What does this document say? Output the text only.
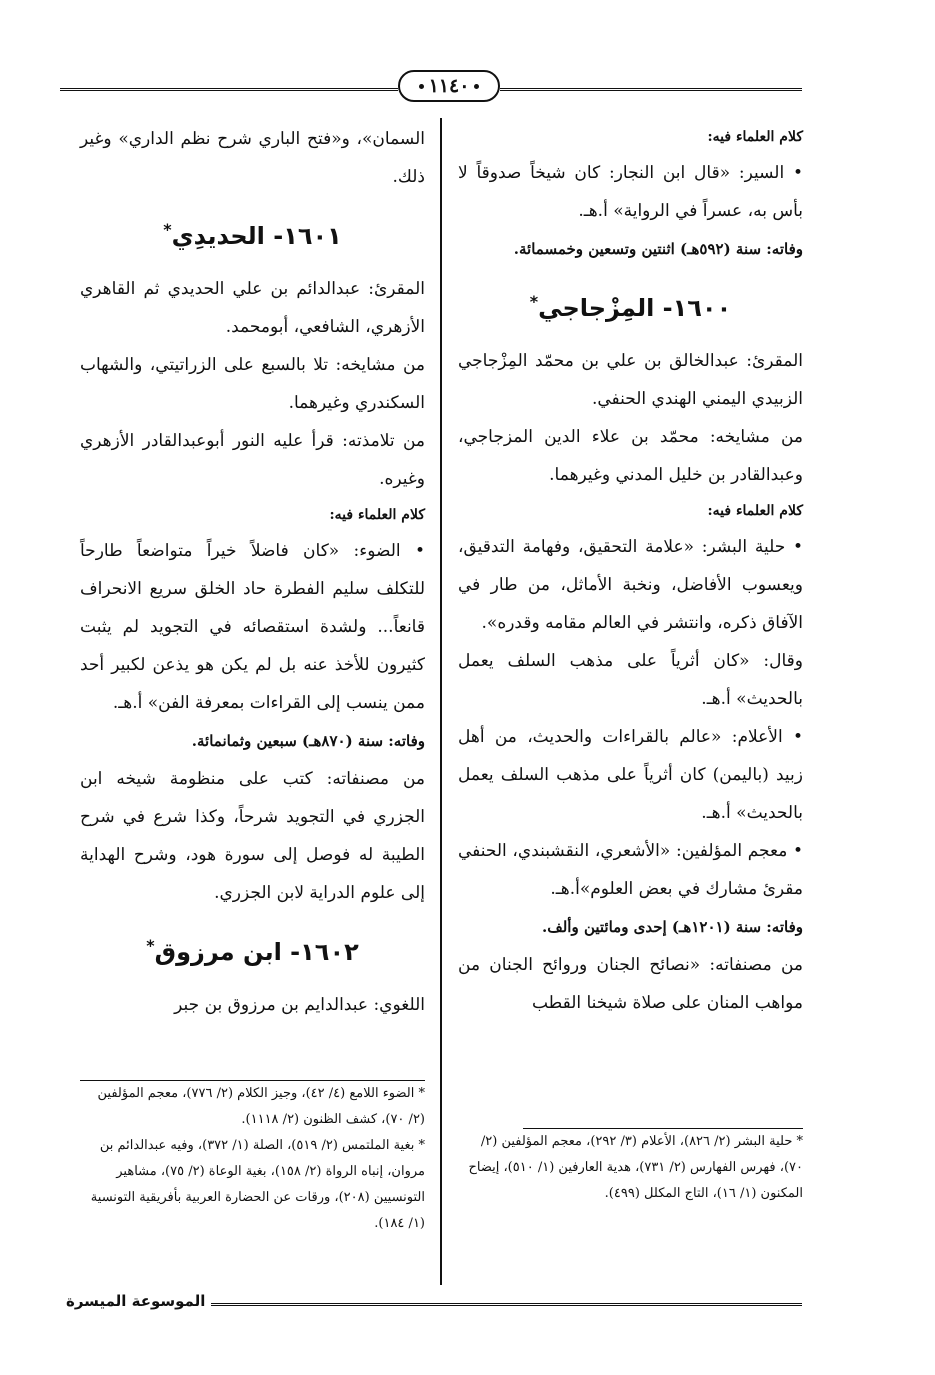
١١٤٠

كلام العلماء فيه:

• السير: «قال ابن النجار: كان شيخاً صدوقاً لا بأس به، عسراً في الرواية» أ.هـ.

وفاته: سنة (٥٩٢هـ) اثنتين وتسعين وخمسمائة.

١٦٠٠- المِزْجاجي*

المقرئ: عبدالخالق بن علي بن محمّد المِزْجاجي الزبيدي اليمني الهندي الحنفي.

من مشايخه: محمّد بن علاء الدين المزجاجي، وعبدالقادر بن خليل المدني وغيرهما.

كلام العلماء فيه:

• حلية البشر: «علامة التحقيق، وفهامة التدقيق، ويعسوب الأفاضل، ونخبة الأماثل، من طار في الآفاق ذكره، وانتشر في العالم مقامه وقدره».

وقال: «كان أثرياً على مذهب السلف يعمل بالحديث» أ.هـ.

• الأعلام: «عالم بالقراءات والحديث، من أهل زبيد (باليمن) كان أثرياً على مذهب السلف يعمل بالحديث» أ.هـ.

• معجم المؤلفين: «الأشعري، النقشبندي، الحنفي مقرئ مشارك في بعض العلوم»أ.هـ.

وفاته: سنة (١٢٠١هـ) إحدى ومائتين وألف.

من مصنفاته: «نصائح الجنان وروائح الجنان من مواهب المنان على صلاة شيخنا القطب

* حلية البشر (٢/ ٨٢٦)، الأعلام (٣/ ٢٩٢)، معجم المؤلفين (٢/ ٧٠)، فهرس الفهارس (٢/ ٧٣١)، هدية العارفين (١/ ٥١٠)، إيضاح المكنون (١/ ١٦)، التاج المكلل (٤٩٩).

السمان»، و«فتح الباري شرح نظم الداري» وغير ذلك.

١٦٠١- الحديدِي*

المقرئ: عبدالدائم بن علي الحديدي ثم القاهري الأزهري، الشافعي، أبومحمد.

من مشايخه: تلا بالسبع على الزراتيتي، والشهاب السكندري وغيرهما.

من تلامذته: قرأ عليه النور أبوعبدالقادر الأزهري وغيره.

كلام العلماء فيه:

• الضوء: «كان فاضلاً خيراً متواضعاً طارحاً للتكلف سليم الفطرة حاد الخلق سريع الانحراف قانعاً... ولشدة استقصائه في التجويد لم يثبت كثيرون للأخذ عنه بل لم يكن هو يذعن لكبير أحد ممن ينسب إلى القراءات بمعرفة الفن» أ.هـ.

وفاته: سنة (٨٧٠هـ) سبعين وثمانمائة.

من مصنفاته: كتب على منظومة شيخه ابن الجزري في التجويد شرحاً، وكذا شرع في شرح الطيبة له فوصل إلى سورة هود، وشرح الهداية إلى علوم الدراية لابن الجزري.

١٦٠٢- ابن مرزوق*

اللغوي: عبدالدايم بن مرزوق بن جبر

* الضوء اللامع (٤/ ٤٢)، وجيز الكلام (٢/ ٧٧٦)، معجم المؤلفين (٢/ ٧٠)، كشف الظنون (٢/ ١١١٨).

* بغية الملتمس (٢/ ٥١٩)، الصلة (١/ ٣٧٢)، وفيه عبدالدائم بن مروان، إنباه الرواة (٢/ ١٥٨)، بغية الوعاة (٢/ ٧٥)، مشاهير التونسيين (٢٠٨)، ورقات عن الحضارة العربية بأفريقية التونسية (١/ ١٨٤).

الموسوعة الميسرة
